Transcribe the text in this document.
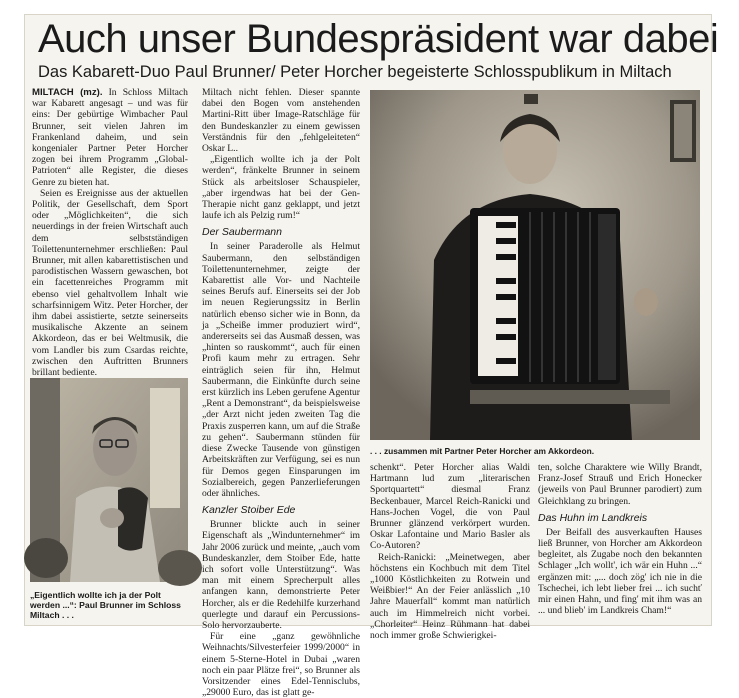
Auch unser Bundespräsident war dabei
Das Kabarett-Duo Paul Brunner/ Peter Horcher begeisterte Schlosspublikum in Miltach

MILTACH (mz). In Schloss Miltach war Kabarett angesagt – und was für eins: Der gebürtige Wimbacher Paul Brunner, seit vielen Jahren im Frankenland daheim, und sein kongenialer Partner Peter Horcher zogen bei ihrem Programm „Global-Patrioten“ alle Register, die dieses Genre zu bieten hat.

Seien es Ereignisse aus der aktuellen Politik, der Gesellschaft, dem Sport oder „Möglichkeiten“, die sich neuerdings in der freien Wirtschaft auch dem selbstständigen Toilettenunternehmer erschließen: Paul Brunner, mit allen kabarettistischen und parodistischen Wassern gewaschen, bot ein facettenreiches Programm mit ebenso viel gehaltvollem Inhalt wie scharfsinnigem Witz. Peter Horcher, der ihm dabei assistierte, setzte seinerseits musikalische Akzente an seinem Akkordeon, das er bei Weltmusik, die vom Landler bis zum Csardas reichte, zwischen den Auftritten Brunners brillant bediente.

„Eigentlich wollte ich ja der Polt werden ...“: Paul Brunner im Schloss Miltach . . .

Miltach nicht fehlen. Dieser spannte dabei den Bogen vom anstehenden Martini-Ritt über Image-Ratschläge für den Bundeskanzler zu einem gewissen Verständnis für den „fehlgeleiteten“ Oskar L..

„Eigentlich wollte ich ja der Polt werden“, fränkelte Brunner in seinem Stück als arbeitsloser Schauspieler, „aber irgendwas hat bei der Gen-Therapie nicht ganz geklappt, und jetzt laufe ich als Pelzig rum!“

Der Saubermann

In seiner Paraderolle als Helmut Saubermann, den selbständigen Toilettenunternehmer, zeigte der Kabarettist alle Vor- und Nachteile seines Berufs auf. Einerseits sei der Job im neuen Regierungssitz in Berlin natürlich ebenso sicher wie in Bonn, da ja „Scheiße immer produziert wird“, andererseits sei das Ausmaß dessen, was „hinten so rauskommt“, auch für einen Profi kaum mehr zu ertragen. Sehr einträglich seien für ihn, Helmut Saubermann, die Einkünfte durch seine erst kürzlich ins Leben gerufene Agentur „Rent a Demonstrant“, da beispielsweise „der Arzt nicht jeden zweiten Tag die Praxis zusperren kann, um auf die Straße zu gehen“. Saubermann stünden für diese Zwecke Tausende von günstigen Arbeitskräften zur Verfügung, sei es nun für Demos gegen Einsparungen im Sozialbereich, gegen Panzerlieferungen oder ähnliches.

Kanzler Stoiber Ede

Brunner blickte auch in seiner Eigenschaft als „Windunternehmer“ im Jahr 2006 zurück und meinte, „auch vom Bundeskanzler, dem Stoiber Ede, hatte ich sofort volle Unterstützung“. Was man mit einem Sprecherpult alles anfangen kann, demonstrierte Peter Horcher, als er die Redehilfe kurzerhand querlegte und darauf ein Percussions-Solo hervorzauberte.

Für eine „ganz gewöhnliche Weihnachts/Silvesterfeier 1999/2000“ in einem 5-Sterne-Hotel in Dubai „waren noch ein paar Plätze frei“, so Brunner als Vorsitzender eines Edel-Tennisclubs, „29000 Euro, das ist glatt ge-

. . . zusammen mit Partner Peter Horcher am Akkordeon.

schenkt“. Peter Horcher alias Waldi Hartmann lud zum „literarischen Sportquartett“ diesmal Franz Beckenbauer, Marcel Reich-Ranicki und Hans-Jochen Vogel, die von Paul Brunner glänzend verkörpert wurden. Oskar Lafontaine und Mario Basler als Co-Autoren?

Reich-Ranicki: „Meinetwegen, aber höchstens ein Kochbuch mit dem Titel „1000 Köstlichkeiten zu Rotwein und Weißbier!“ An der Feier anlässlich „10 Jahre Mauerfall“ kommt man natürlich auch im Himmelreich nicht vorbei. „Chorleiter“ Heinz Rühmann hat dabei noch immer große Schwierigkei-

ten, solche Charaktere wie Willy Brandt, Franz-Josef Strauß und Erich Honecker (jeweils von Paul Brunner parodiert) zum Gleichklang zu bringen.

Das Huhn im Landkreis

Der Beifall des ausverkauften Hauses ließ Brunner, von Horcher am Akkordeon begleitet, als Zugabe noch den bekannten Schlager „Ich wollt', ich wär ein Huhn ...“ ergänzen mit: „... doch zög' ich nie in die Tschechei, ich lebt lieber frei ... ich suchť mir einen Hahn, und fing' mit ihm was an ... und blieb' im Landkreis Cham!“
